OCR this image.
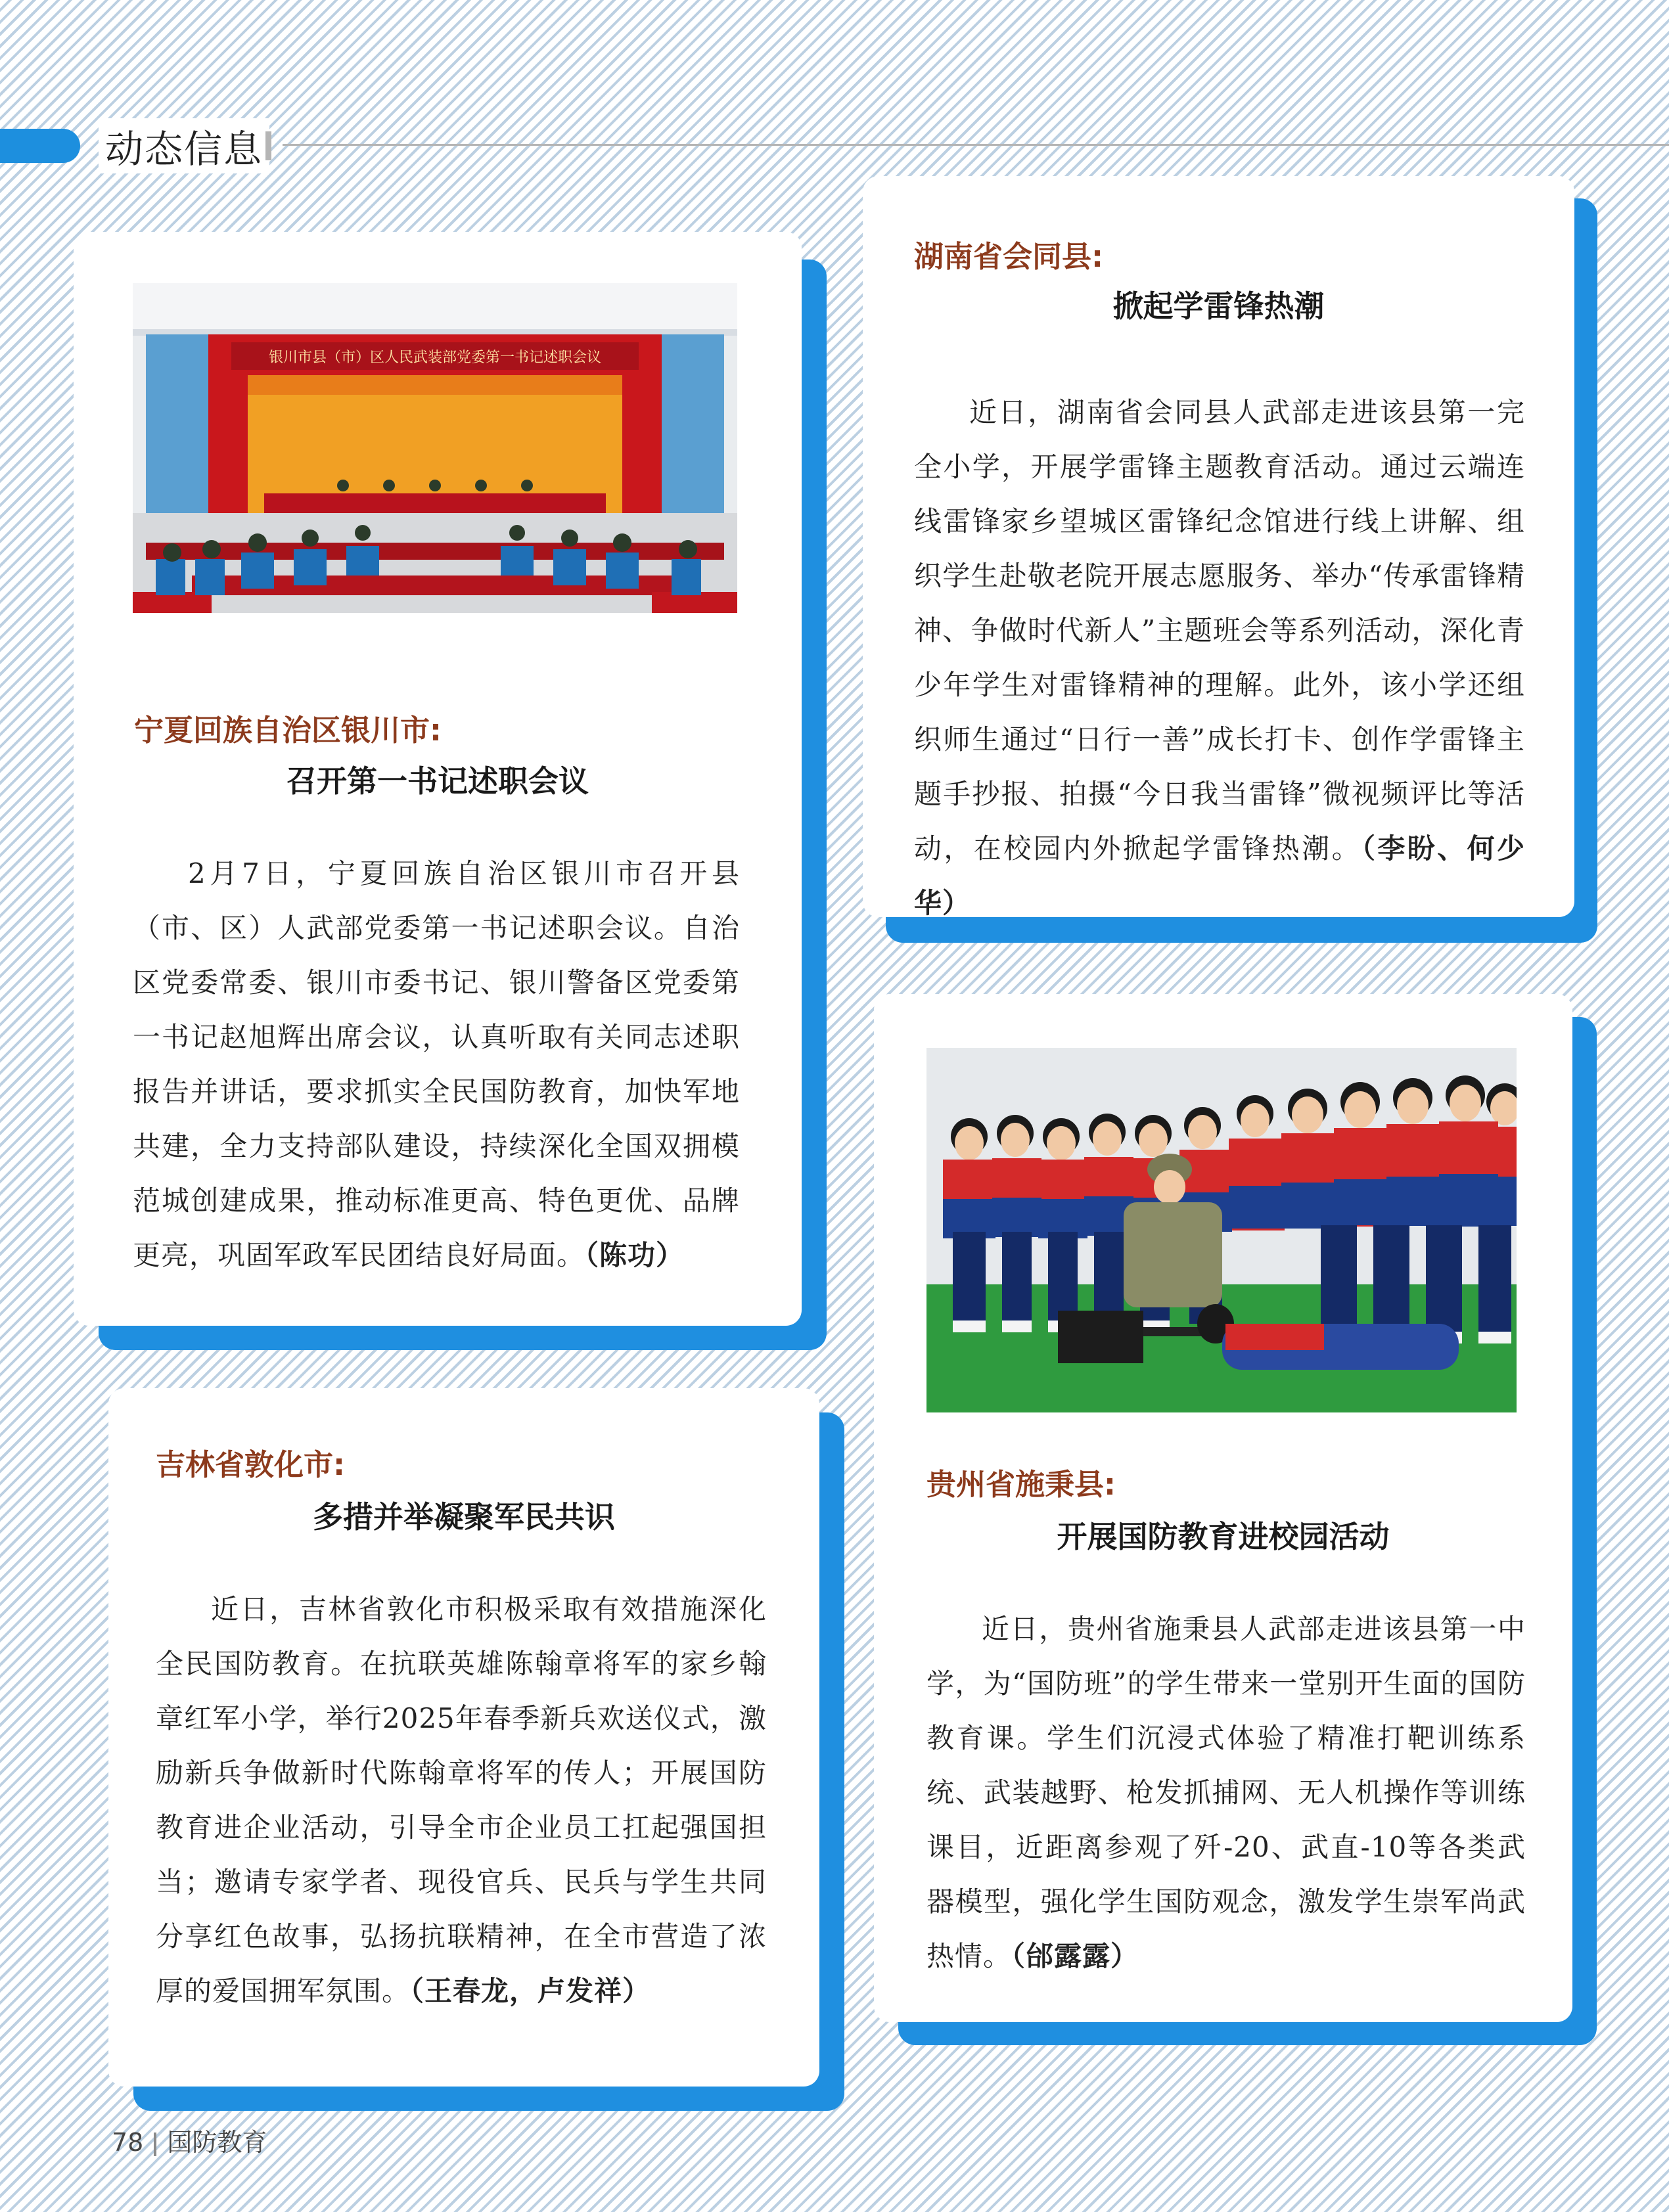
动态信息
银川市县（市）区人民武装部党委第一书记述职会议
宁夏回族自治区银川市:
召开第一书记述职会议

2月7日，宁夏回族自治区银川市召开县（市、区）人武部党委第一书记述职会议。自治区党委常委、银川市委书记、银川警备区党委第一书记赵旭辉出席会议，认真听取有关同志述职报告并讲话，要求抓实全民国防教育，加快军地共建，全力支持部队建设，持续深化全国双拥模范城创建成果，推动标准更高、特色更优、品牌更亮，巩固军政军民团结良好局面。（陈功）

湖南省会同县:
掀起学雷锋热潮

近日，湖南省会同县人武部走进该县第一完全小学，开展学雷锋主题教育活动。通过云端连线雷锋家乡望城区雷锋纪念馆进行线上讲解、组织学生赴敬老院开展志愿服务、举办“传承雷锋精神、争做时代新人”主题班会等系列活动，深化青少年学生对雷锋精神的理解。此外，该小学还组织师生通过“日行一善”成长打卡、创作学雷锋主题手抄报、拍摄“今日我当雷锋”微视频评比等活动，在校园内外掀起学雷锋热潮。（李盼、何少华）

吉林省敦化市:
多措并举凝聚军民共识

近日，吉林省敦化市积极采取有效措施深化全民国防教育。在抗联英雄陈翰章将军的家乡翰章红军小学，举行2025年春季新兵欢送仪式，激励新兵争做新时代陈翰章将军的传人；开展国防教育进企业活动，引导全市企业员工扛起强国担当；邀请专家学者、现役官兵、民兵与学生共同分享红色故事，弘扬抗联精神，在全市营造了浓厚的爱国拥军氛围。（王春龙，卢发祥）

贵州省施秉县:
开展国防教育进校园活动

近日，贵州省施秉县人武部走进该县第一中学，为“国防班”的学生带来一堂别开生面的国防教育课。学生们沉浸式体验了精准打靶训练系统、武装越野、枪发抓捕网、无人机操作等训练课目，近距离参观了歼-20、武直-10等各类武器模型，强化学生国防观念，激发学生崇军尚武热情。（邰露露）

78 国防教育
